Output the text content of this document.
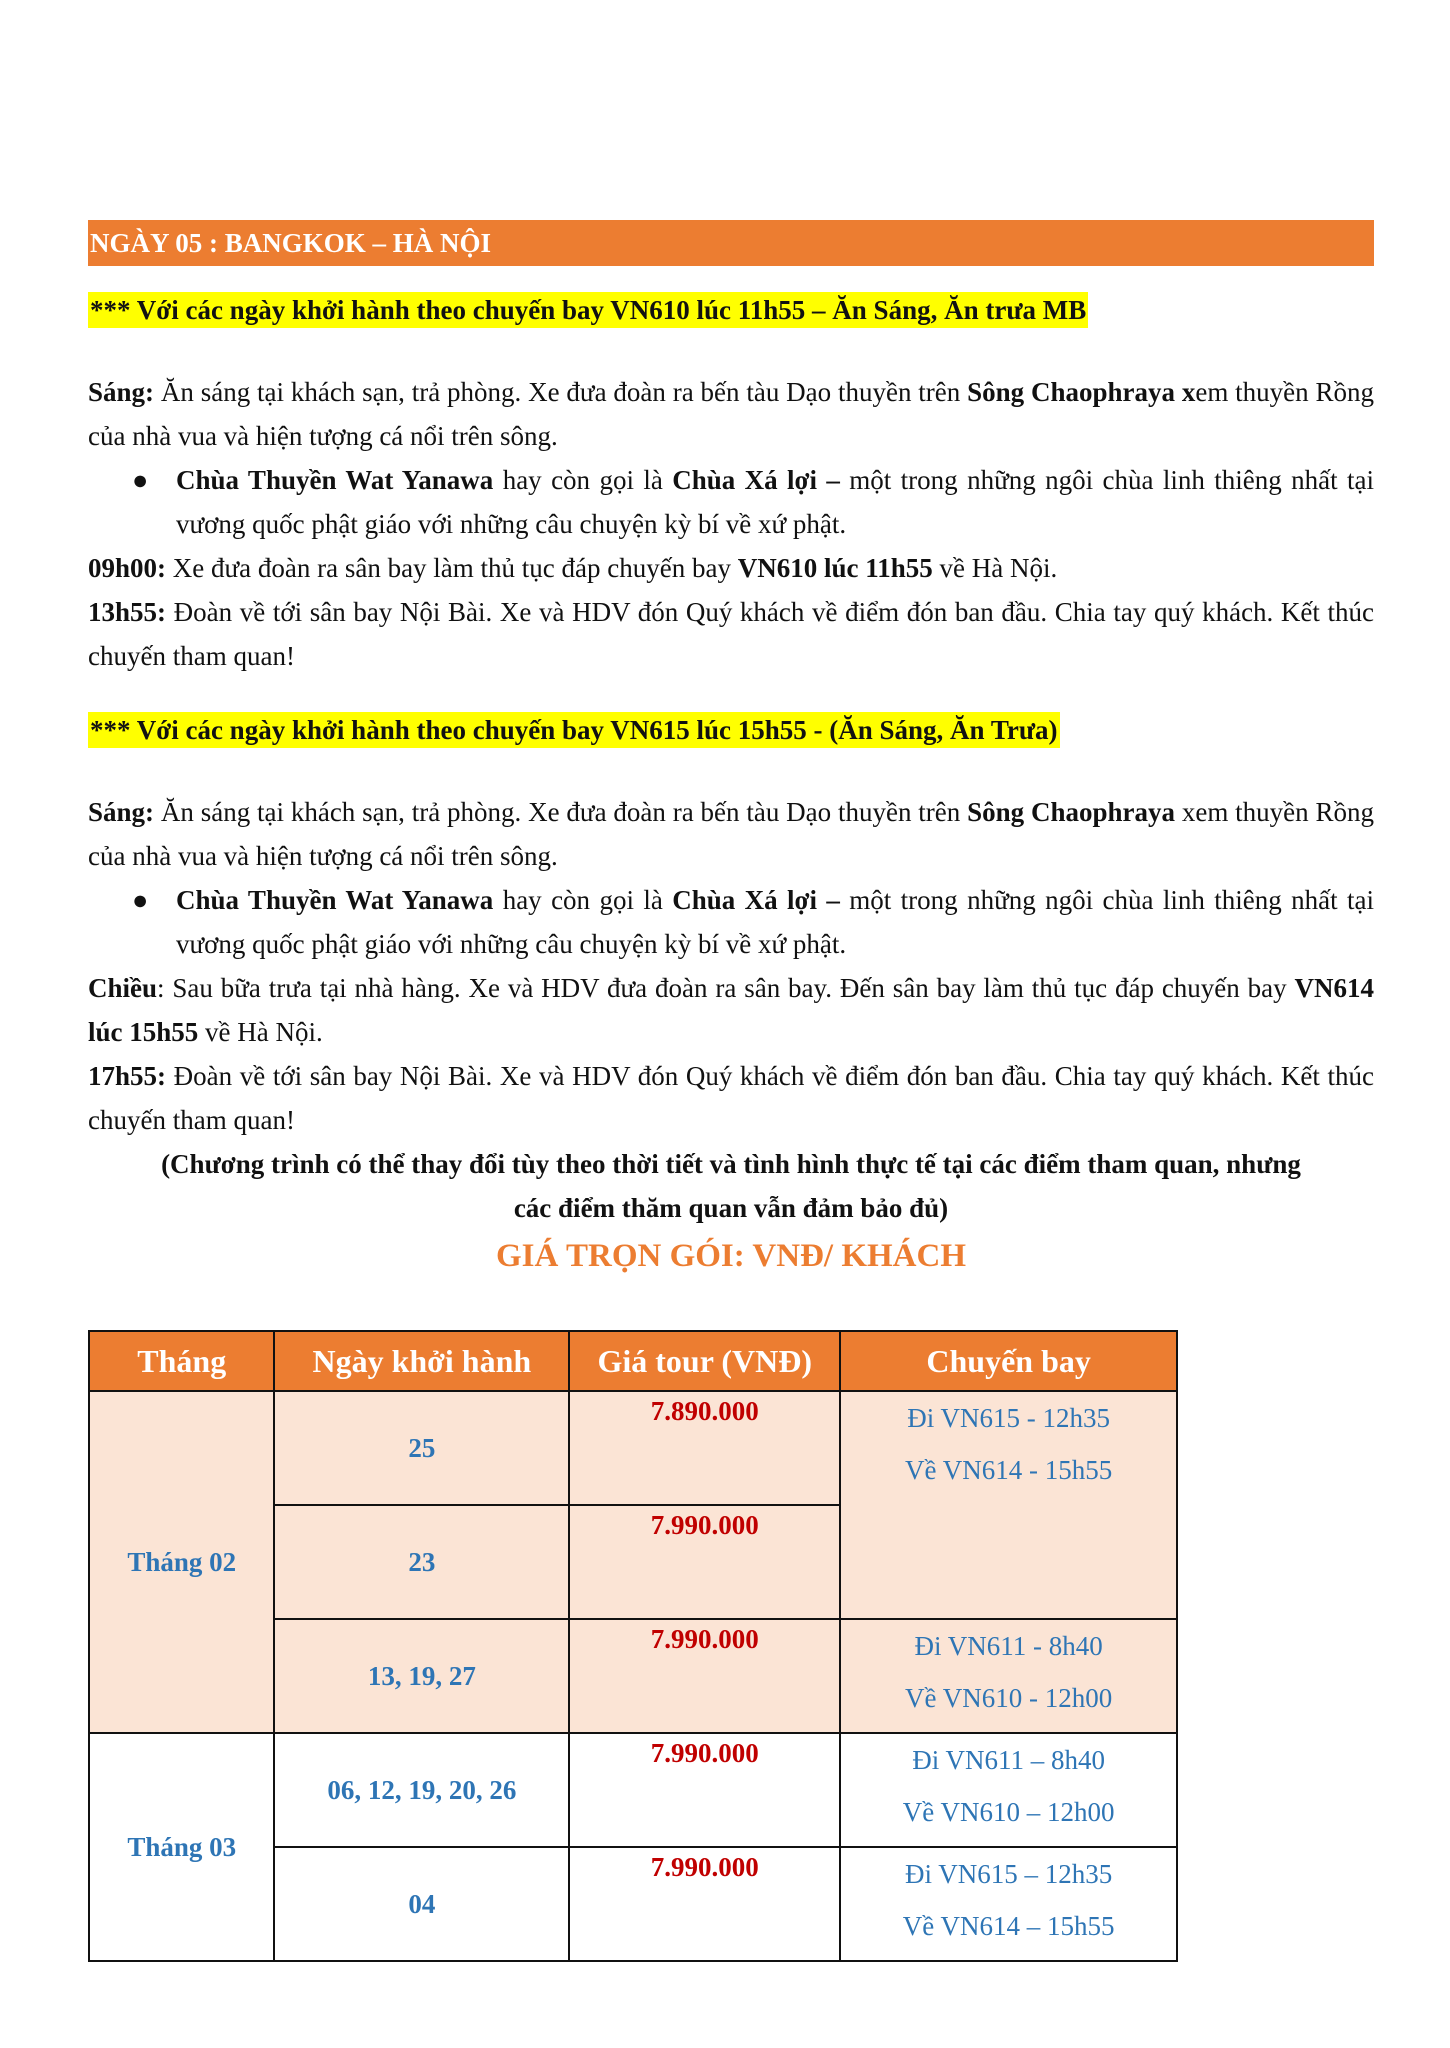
NGÀY 05 : BANGKOK – HÀ NỘI
*** Với các ngày khởi hành theo chuyến bay VN610 lúc 11h55 – Ăn Sáng, Ăn trưa MB
Sáng: Ăn sáng tại khách sạn, trả phòng. Xe đưa đoàn ra bến tàu Dạo thuyền trên Sông Chaophraya xem thuyền Rồng của nhà vua và hiện tượng cá nổi trên sông.
● Chùa Thuyền Wat Yanawa hay còn gọi là Chùa Xá lợi – một trong những ngôi chùa linh thiêng nhất tại vương quốc phật giáo với những câu chuyện kỳ bí về xứ phật.
09h00: Xe đưa đoàn ra sân bay làm thủ tục đáp chuyến bay VN610 lúc 11h55 về Hà Nội.
13h55: Đoàn về tới sân bay Nội Bài. Xe và HDV đón Quý khách về điểm đón ban đầu. Chia tay quý khách. Kết thúc chuyến tham quan!
*** Với các ngày khởi hành theo chuyến bay VN615 lúc 15h55 - (Ăn Sáng, Ăn Trưa)
Sáng: Ăn sáng tại khách sạn, trả phòng. Xe đưa đoàn ra bến tàu Dạo thuyền trên Sông Chaophraya xem thuyền Rồng của nhà vua và hiện tượng cá nổi trên sông.
● Chùa Thuyền Wat Yanawa hay còn gọi là Chùa Xá lợi – một trong những ngôi chùa linh thiêng nhất tại vương quốc phật giáo với những câu chuyện kỳ bí về xứ phật.
Chiều: Sau bữa trưa tại nhà hàng. Xe và HDV đưa đoàn ra sân bay. Đến sân bay làm thủ tục đáp chuyến bay VN614 lúc 15h55 về Hà Nội.
17h55: Đoàn về tới sân bay Nội Bài. Xe và HDV đón Quý khách về điểm đón ban đầu. Chia tay quý khách. Kết thúc chuyến tham quan!
(Chương trình có thể thay đổi tùy theo thời tiết và tình hình thực tế tại các điểm tham quan, nhưng
các điểm thăm quan vẫn đảm bảo đủ)
GIÁ TRỌN GÓI: VNĐ/ KHÁCH
Tháng	Ngày khởi hành	Giá tour (VNĐ)	Chuyến bay
Tháng 02	25	7.890.000	Đi VN615 - 12h35
Về VN614 - 15h55

	23	7.990.000	
	13, 19, 27	7.990.000	Đi VN611 - 8h40
Về VN610 - 12h00

Tháng 03	06, 12, 19, 20, 26	7.990.000	Đi VN611 – 8h40
Về VN610 – 12h00

	04	7.990.000	Đi VN615 – 12h35
Về VN614 – 15h55
